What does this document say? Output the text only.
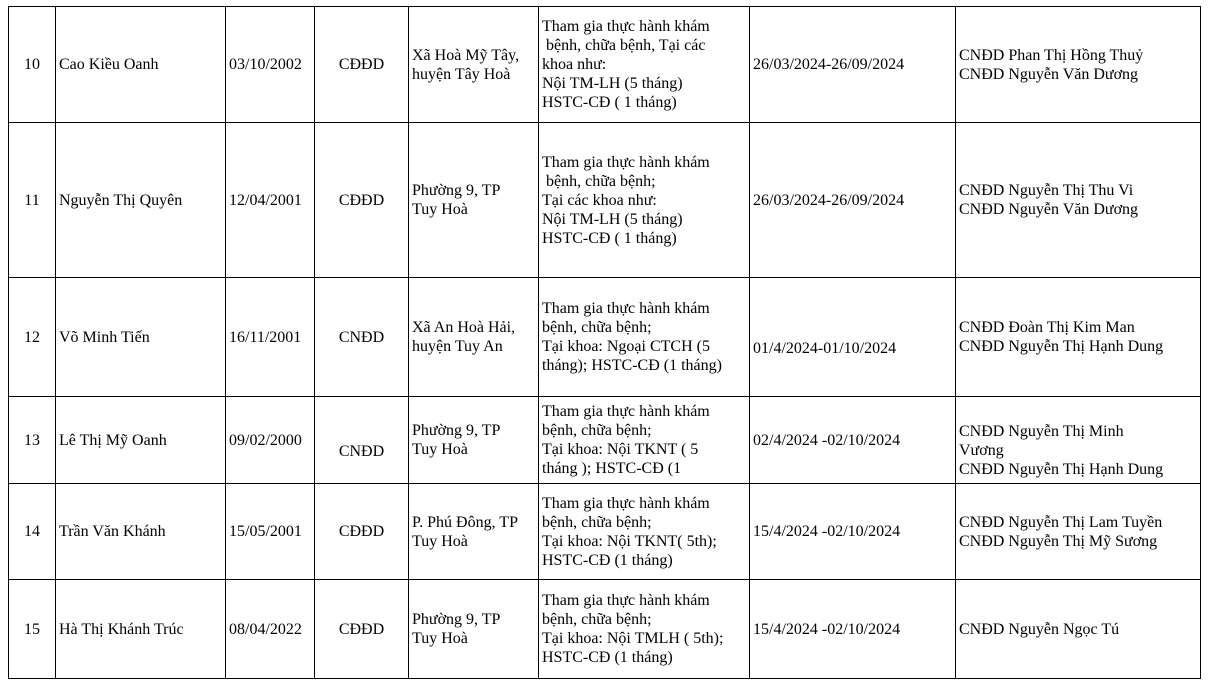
10	Cao Kiều Oanh	03/10/2002	CĐĐD	Xã Hoà Mỹ Tây,
huyện Tây Hoà	Tham gia thực hành khám
bệnh, chữa bệnh, Tại các
khoa như:
Nội TM-LH (5 tháng)
HSTC-CĐ ( 1 tháng)	26/03/2024-26/09/2024	CNĐD Phan Thị Hồng Thuỷ
CNĐD Nguyễn Văn Dương

11	Nguyễn Thị Quyên	12/04/2001	CĐĐD	Phường 9, TP
Tuy Hoà	Tham gia thực hành khám
bệnh, chữa bệnh;
Tại các khoa như:
Nội TM-LH (5 tháng)
HSTC-CĐ ( 1 tháng)	26/03/2024-26/09/2024	CNĐD Nguyễn Thị Thu Vi
CNĐD Nguyễn Văn Dương

12	Võ Minh Tiến	16/11/2001	CNĐD	Xã An Hoà Hải,
huyện Tuy An	Tham gia thực hành khám
bệnh, chữa bệnh;
Tại khoa: Ngoại CTCH (5
tháng); HSTC-CĐ (1 tháng)	01/4/2024-01/10/2024	CNĐD Đoàn Thị Kim Man
CNĐD Nguyễn Thị Hạnh Dung

13	Lê Thị Mỹ Oanh	09/02/2000	CNĐD	Phường 9, TP
Tuy Hoà	Tham gia thực hành khám
bệnh, chữa bệnh;
Tại khoa: Nội TKNT ( 5
tháng ); HSTC-CĐ (1	02/4/2024 -02/10/2024	CNĐD Nguyễn Thị Minh
Vương
CNĐD Nguyễn Thị Hạnh Dung

14	Trần Văn Khánh	15/05/2001	CĐĐD	P. Phú Đông, TP
Tuy Hoà	Tham gia thực hành khám
bệnh, chữa bệnh;
Tại khoa: Nội TKNT( 5th);
HSTC-CĐ (1 tháng)	15/4/2024 -02/10/2024	CNĐD Nguyễn Thị Lam Tuyền
CNĐD Nguyễn Thị Mỹ Sương

15	Hà Thị Khánh Trúc	08/04/2022	CĐĐD	Phường 9, TP
Tuy Hoà	Tham gia thực hành khám
bệnh, chữa bệnh;
Tại khoa: Nội TMLH ( 5th);
HSTC-CĐ (1 tháng)	15/4/2024 -02/10/2024	CNĐD Nguyễn Ngọc Tú
